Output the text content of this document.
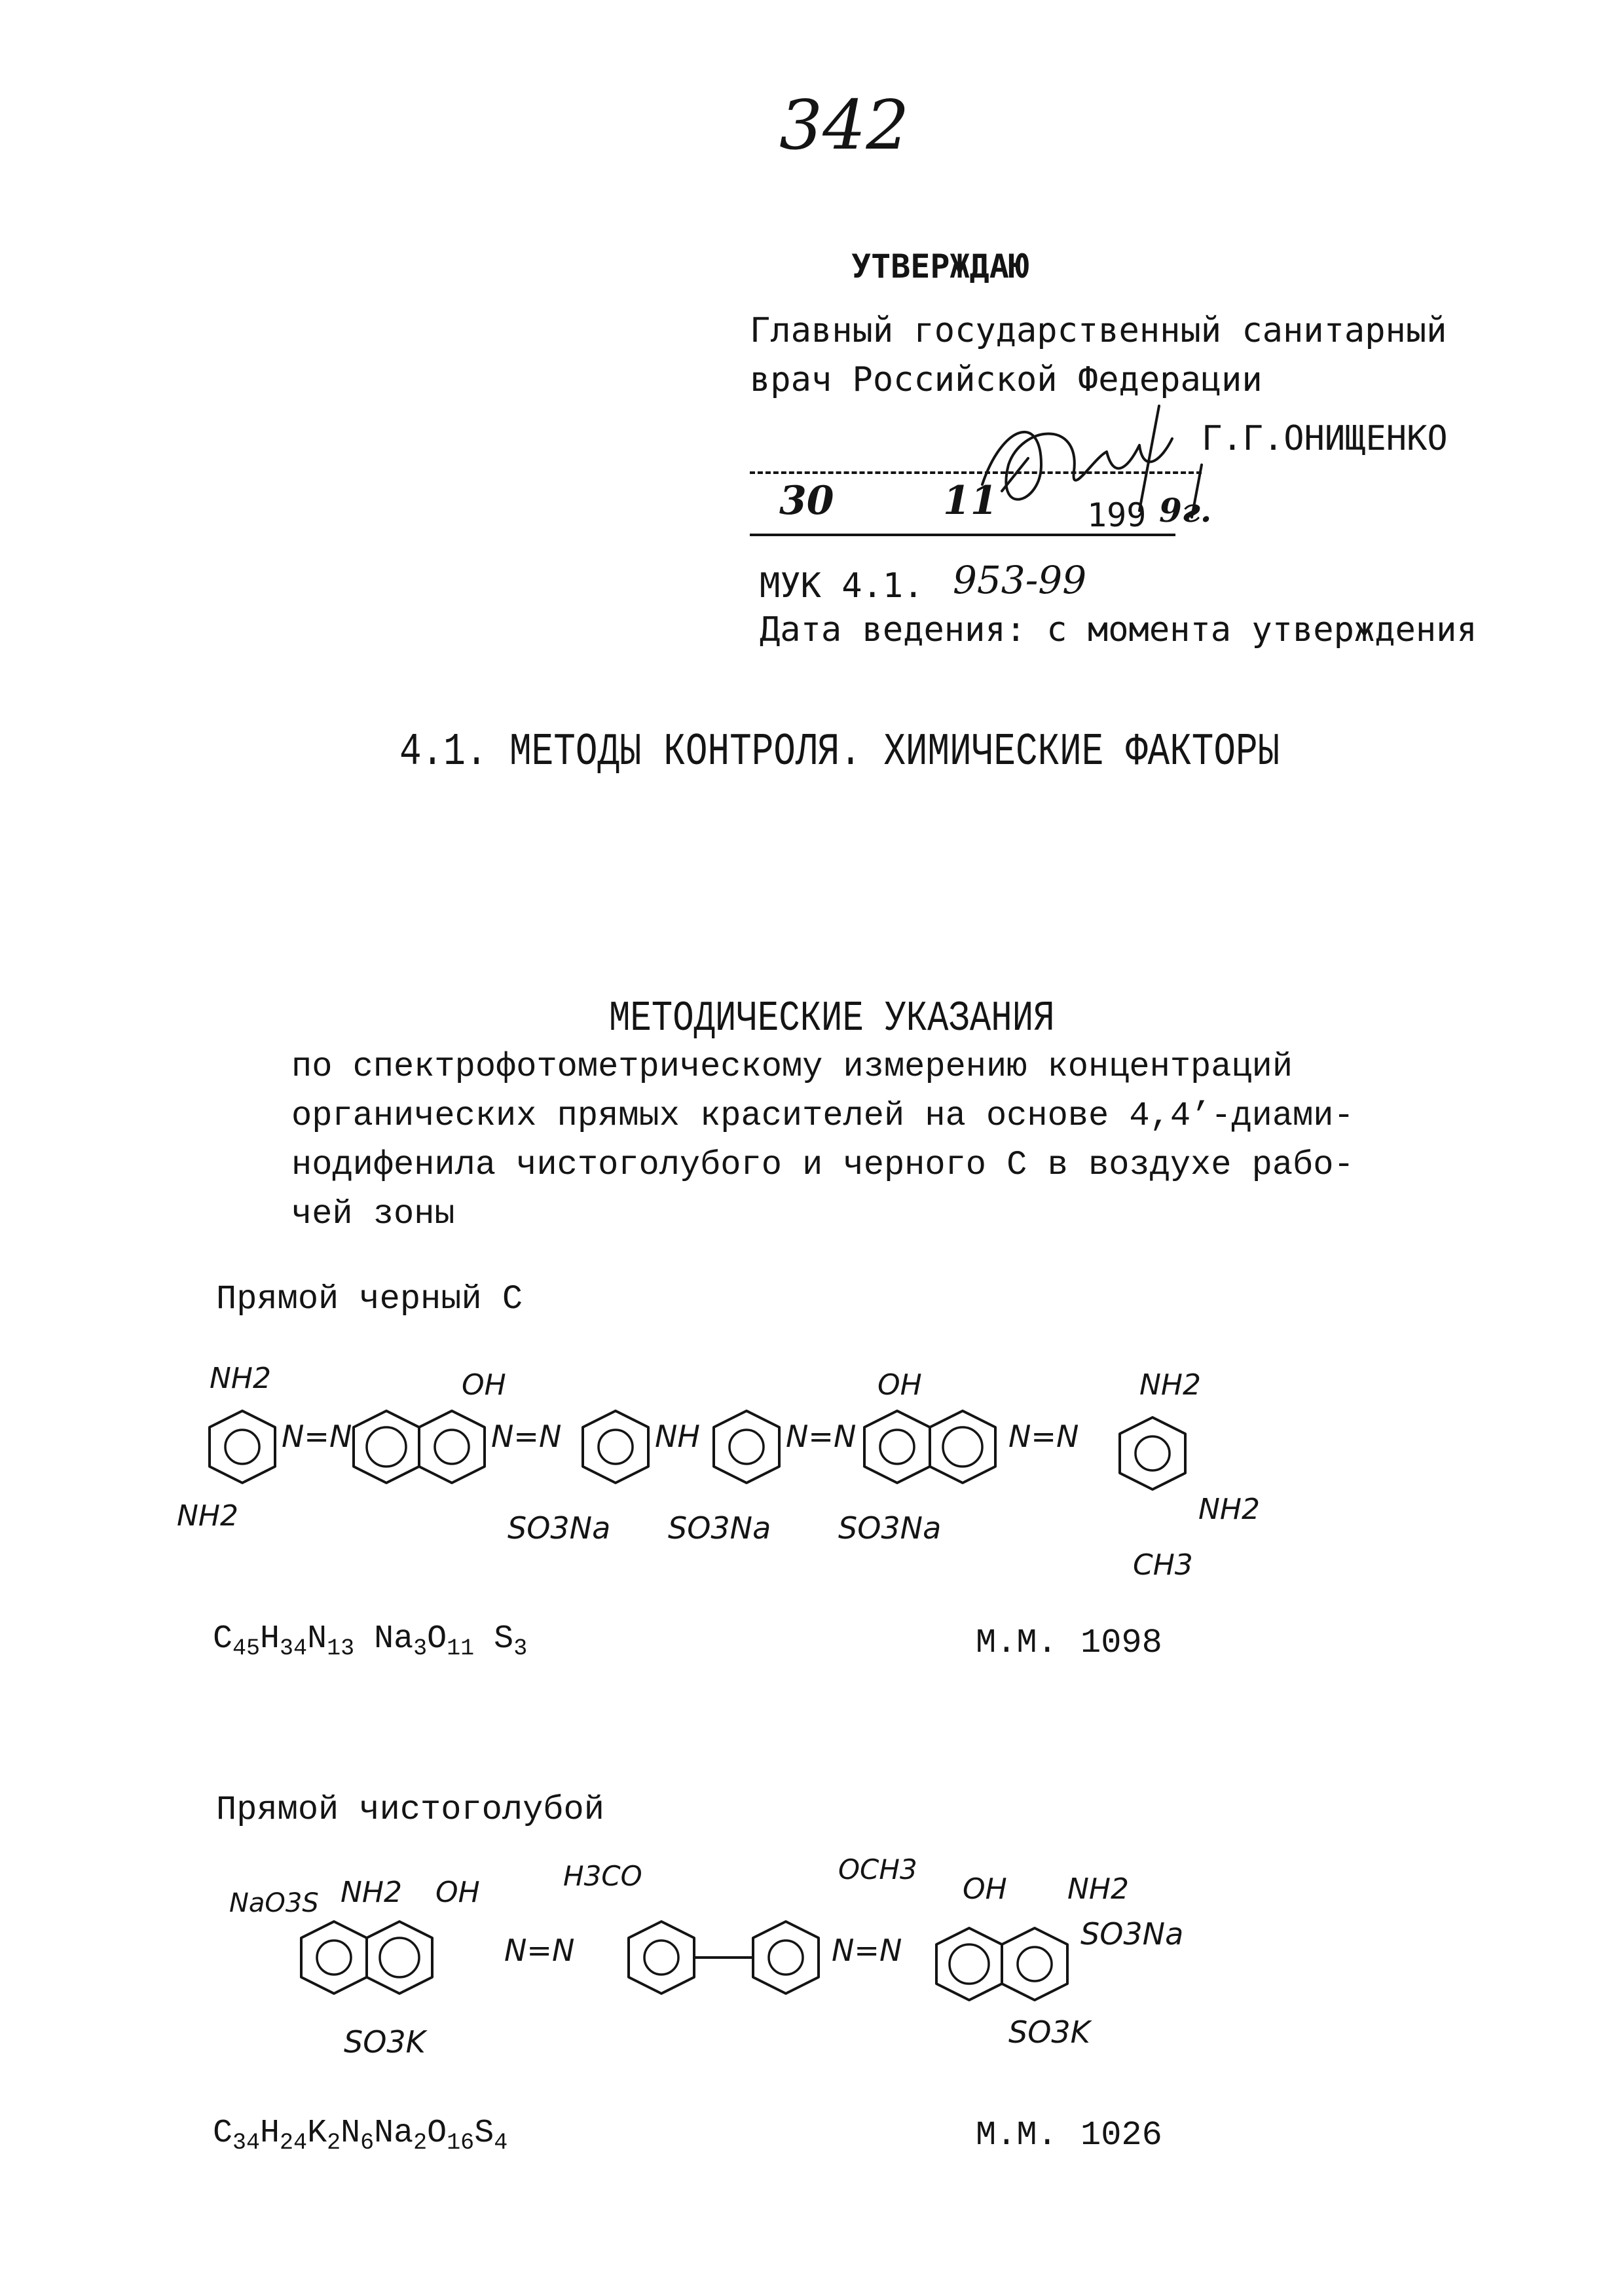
342
УТВЕРЖДАЮ
Главный государственный санитарный
врач Российской Федерации
Г.Г.ОНИЩЕНКО
30	11	199 9г.
МУК 4.1. 953-99
Дата ведения: с момента утверждения
4.1. МЕТОДЫ КОНТРОЛЯ. ХИМИЧЕСКИЕ ФАКТОРЫ
МЕТОДИЧЕСКИЕ УКАЗАНИЯ
по спектрофотометрическому измерению концентраций
органических прямых красителей на основе 4,4’-диами-
нодифенила чистоголубого и черного С в воздухе рабо-
чей зоны
Прямой черный С
NH2
NH2
N=N
OH
N=N
SO3Na SO3Na
NH	N=N
OH
SO3Na
N=N
NH2
NH2
CH3
$C_{45}H_{34}N_{13}$ $Na_3O_{11}$ $S_3$	М.М. 1098
Прямой чистоголубой
NaO3S NH2 OH
SO3K
N=N
H3CO	OCH3
N=N
OH NH2
SO3Na
SO3K
$C_{34}H_{24}K_2N_6Na_2O_{16}S_4$	М.М. 1026
